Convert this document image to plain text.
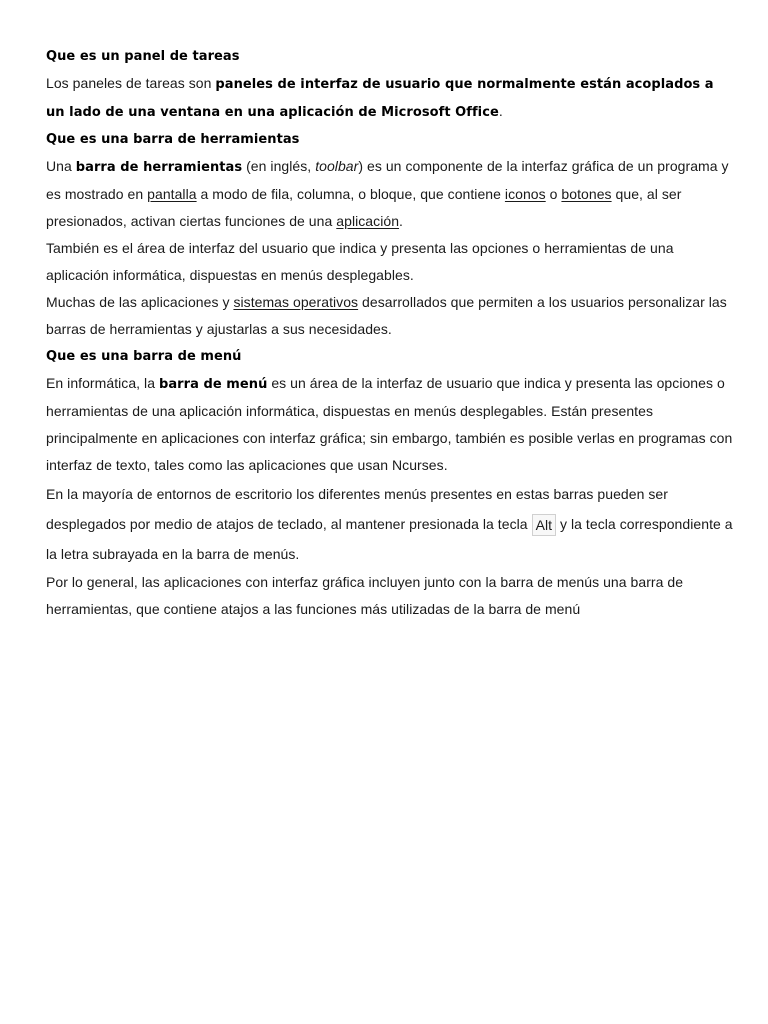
Que es un panel de tareas

Los paneles de tareas son paneles de interfaz de usuario que normalmente están acoplados a un lado de una ventana en una aplicación de Microsoft Office.

Que es una barra de herramientas

Una barra de herramientas (en inglés, toolbar) es un componente de la interfaz gráfica de un programa y es mostrado en pantalla a modo de fila, columna, o bloque, que contiene iconos o botones que, al ser presionados, activan ciertas funciones de una aplicación.

También es el área de interfaz del usuario que indica y presenta las opciones o herramientas de una aplicación informática, dispuestas en menús desplegables.

Muchas de las aplicaciones y sistemas operativos desarrollados que permiten a los usuarios personalizar las barras de herramientas y ajustarlas a sus necesidades.

Que es una barra de menú

En informática, la barra de menú es un área de la interfaz de usuario que indica y presenta las opciones o herramientas de una aplicación informática, dispuestas en menús desplegables. Están presentes principalmente en aplicaciones con interfaz gráfica; sin embargo, también es posible verlas en programas con interfaz de texto, tales como las aplicaciones que usan Ncurses.

En la mayoría de entornos de escritorio los diferentes menús presentes en estas barras pueden ser desplegados por medio de atajos de teclado, al mantener presionada la tecla Alt y la tecla correspondiente a la letra subrayada en la barra de menús.

Por lo general, las aplicaciones con interfaz gráfica incluyen junto con la barra de menús una barra de herramientas, que contiene atajos a las funciones más utilizadas de la barra de menú
